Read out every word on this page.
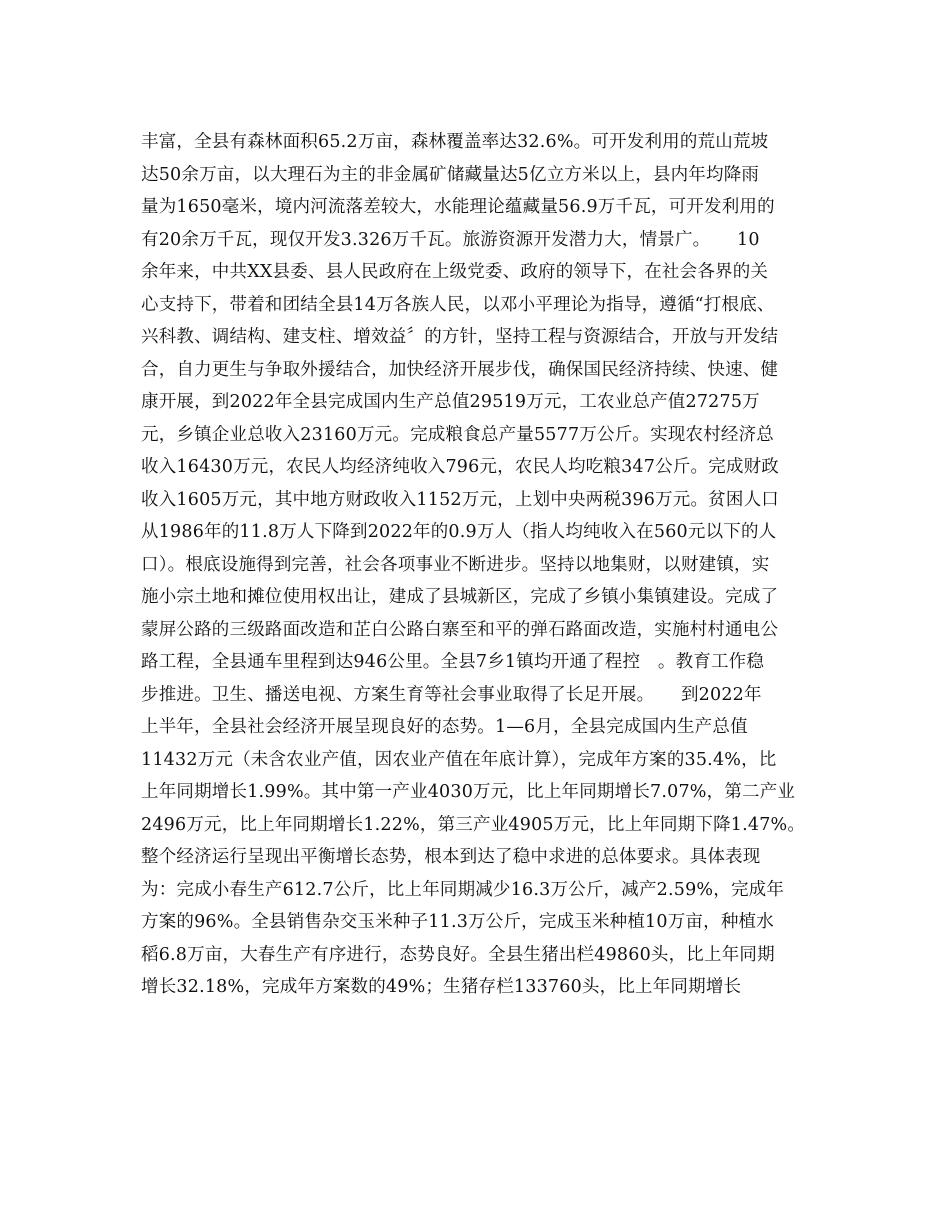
丰富，全县有森林面积65.2万亩，森林覆盖率达32.6%。可开发利用的荒山荒坡
达50余万亩，以大理石为主的非金属矿储藏量达5亿立方米以上，县内年均降雨
量为1650毫米，境内河流落差较大，水能理论蕴藏量56.9万千瓦，可开发利用的
有20余万千瓦，现仅开发3.326万千瓦。旅游资源开发潜力大，情景广。　　10
余年来，中共XX县委、县人民政府在上级党委、政府的领导下，在社会各界的关
心支持下，带着和团结全县14万各族人民，以邓小平理论为指导，遵循“打根底、
兴科教、调结构、建支柱、增效益〞的方针，坚持工程与资源结合，开放与开发结
合，自力更生与争取外援结合，加快经济开展步伐，确保国民经济持续、快速、健
康开展，到2022年全县完成国内生产总值29519万元，工农业总产值27275万
元，乡镇企业总收入23160万元。完成粮食总产量5577万公斤。实现农村经济总
收入16430万元，农民人均经济纯收入796元，农民人均吃粮347公斤。完成财政
收入1605万元，其中地方财政收入1152万元，上划中央两税396万元。贫困人口
从1986年的11.8万人下降到2022年的0.9万人（指人均纯收入在560元以下的人
口）。根底设施得到完善，社会各项事业不断进步。坚持以地集财，以财建镇，实
施小宗土地和摊位使用权出让，建成了县城新区，完成了乡镇小集镇建设。完成了
蒙屏公路的三级路面改造和芷白公路白寨至和平的弹石路面改造，实施村村通电公
路工程，全县通车里程到达946公里。全县7乡1镇均开通了程控　。教育工作稳
步推进。卫生、播送电视、方案生育等社会事业取得了长足开展。　　到2022年
上半年，全县社会经济开展呈现良好的态势。1—6月，全县完成国内生产总值
11432万元（未含农业产值，因农业产值在年底计算），完成年方案的35.4%，比
上年同期增长1.99%。其中第一产业4030万元，比上年同期增长7.07%，第二产业
2496万元，比上年同期增长1.22%，第三产业4905万元，比上年同期下降1.47%。
整个经济运行呈现出平衡增长态势，根本到达了稳中求进的总体要求。具体表现
为：完成小春生产612.7公斤，比上年同期减少16.3万公斤，减产2.59%，完成年
方案的96%。全县销售杂交玉米种子11.3万公斤，完成玉米种植10万亩，种植水
稻6.8万亩，大春生产有序进行，态势良好。全县生猪出栏49860头，比上年同期
增长32.18%，完成年方案数的49%；生猪存栏133760头，比上年同期增长
